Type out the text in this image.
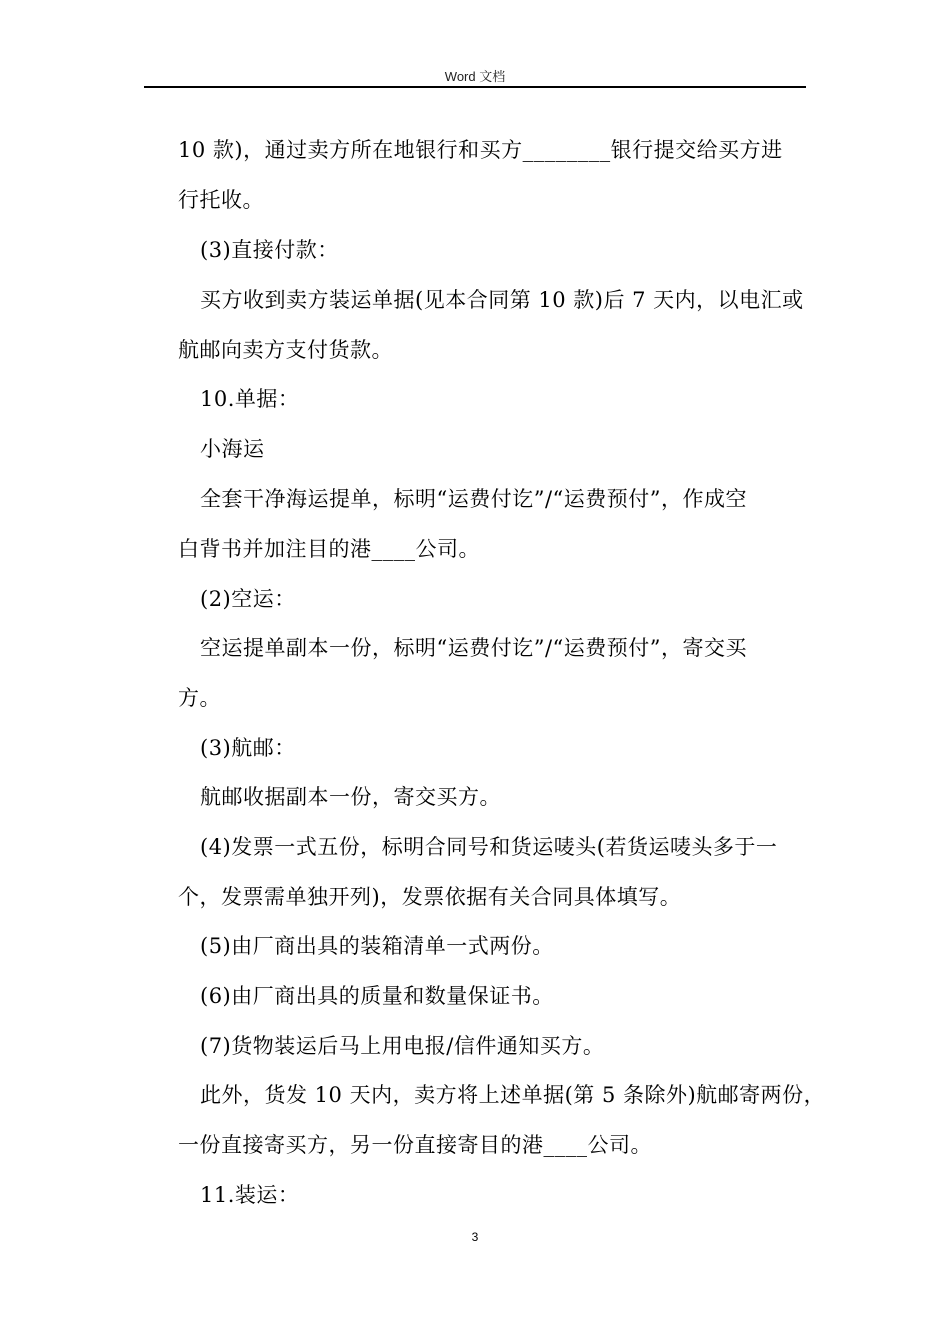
Word 文档
10 款)，通过卖方所在地银行和买方________银行提交给买方进
行托收。
(3)直接付款：
买方收到卖方装运单据(见本合同第 10 款)后 7 天内，以电汇或
航邮向卖方支付货款。
10.单据：
小海运
全套干净海运提单，标明“运费付讫”/“运费预付”，作成空
白背书并加注目的港____公司。
(2)空运：
空运提单副本一份，标明“运费付讫”/“运费预付”，寄交买
方。
(3)航邮：
航邮收据副本一份，寄交买方。
(4)发票一式五份，标明合同号和货运唛头(若货运唛头多于一
个，发票需单独开列)，发票依据有关合同具体填写。
(5)由厂商出具的装箱清单一式两份。
(6)由厂商出具的质量和数量保证书。
(7)货物装运后马上用电报/信件通知买方。
此外，货发 10 天内，卖方将上述单据(第 5 条除外)航邮寄两份，
一份直接寄买方，另一份直接寄目的港____公司。
11.装运：
3
